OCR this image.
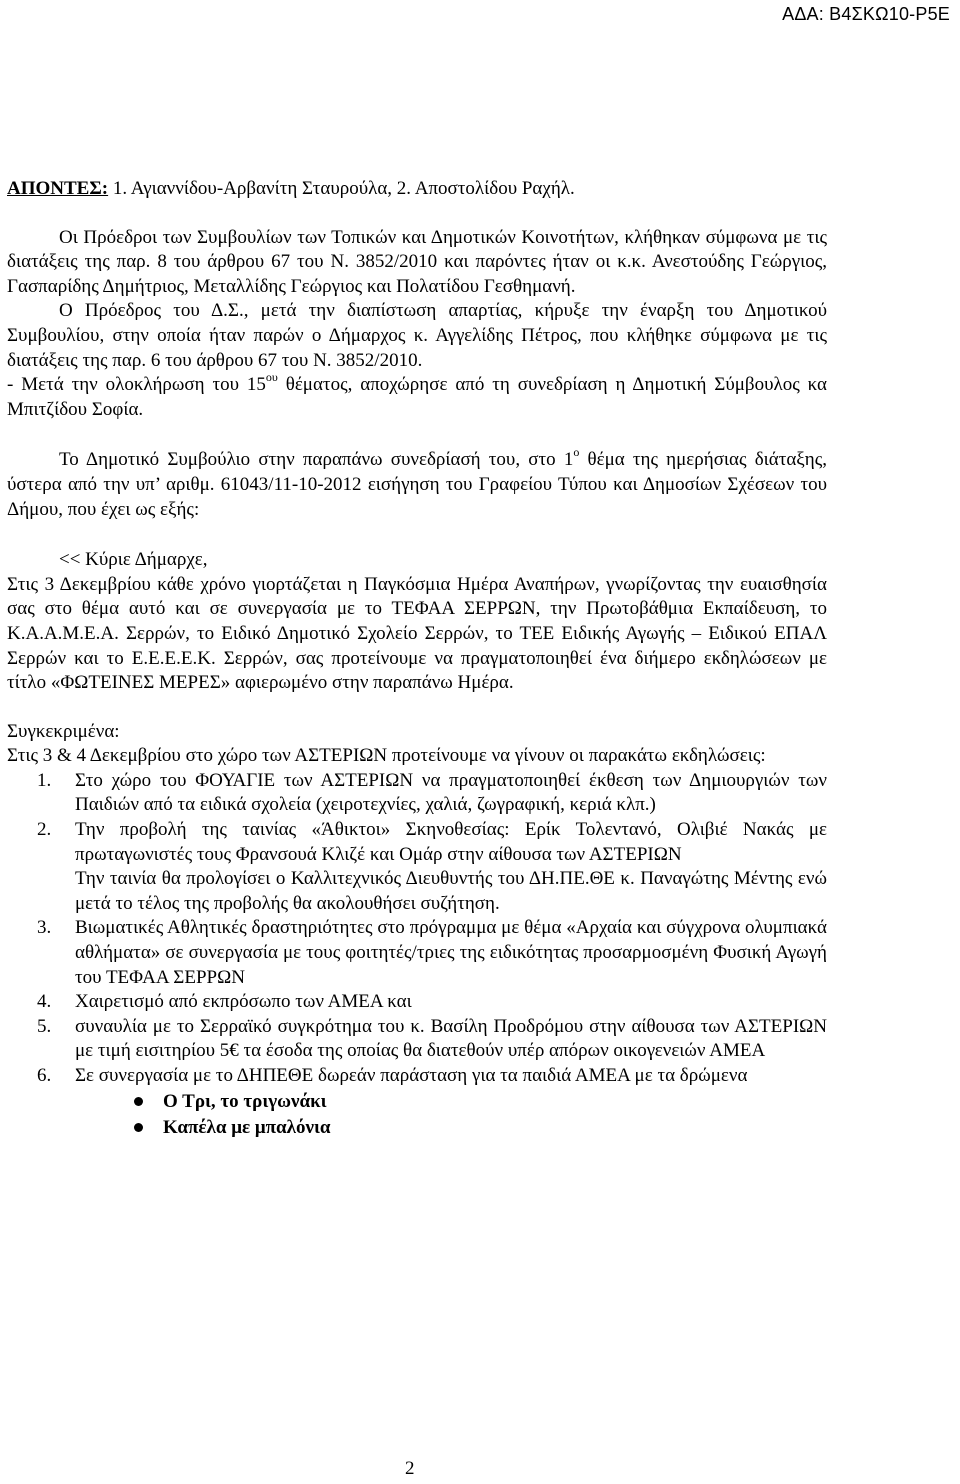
ΑΔΑ: Β4ΣΚΩ10-Ρ5Ε

ΑΠΟΝΤΕΣ: 1. Αγιαννίδου-Αρβανίτη Σταυρούλα, 2. Αποστολίδου Ραχήλ.

Οι Πρόεδροι των Συμβουλίων των Τοπικών και Δημοτικών Κοινοτήτων, κλήθηκαν σύμφωνα με τις διατάξεις της παρ. 8 του άρθρου 67 του Ν. 3852/2010 και παρόντες ήταν οι κ.κ. Ανεστούδης Γεώργιος, Γασπαρίδης Δημήτριος, Μεταλλίδης Γεώργιος και Πολατίδου Γεσθημανή.

Ο Πρόεδρος του Δ.Σ., μετά την διαπίστωση απαρτίας, κήρυξε την έναρξη του Δημοτικού Συμβουλίου, στην οποία ήταν παρών ο Δήμαρχος κ. Αγγελίδης Πέτρος, που κλήθηκε σύμφωνα με τις διατάξεις της παρ. 6 του άρθρου 67 του Ν. 3852/2010.

- Μετά την ολοκλήρωση του $15^{o\upsilon}$ θέματος, αποχώρησε από τη συνεδρίαση η Δημοτική Σύμβουλος κα Μπιτζίδου Σοφία.

Το Δημοτικό Συμβούλιο στην παραπάνω συνεδρίασή του, στο $1^o$ θέμα της ημερήσιας διάταξης, ύστερα από την υπ’ αριθμ. 61043/11-10-2012 εισήγηση του Γραφείου Τύπου και Δημοσίων Σχέσεων του Δήμου, που έχει ως εξής:

<< Κύριε Δήμαρχε,

Στις 3 Δεκεμβρίου κάθε χρόνο γιορτάζεται η Παγκόσμια Ημέρα Αναπήρων, γνωρίζοντας την ευαισθησία σας στο θέμα αυτό και σε συνεργασία με το ΤΕΦΑΑ ΣΕΡΡΩΝ, την Πρωτοβάθμια Εκπαίδευση, το Κ.Α.Α.Μ.Ε.Α. Σερρών, το Ειδικό Δημοτικό Σχολείο Σερρών, το ΤΕΕ Ειδικής Αγωγής – Ειδικού ΕΠΑΛ Σερρών και το Ε.Ε.Ε.Ε.Κ. Σερρών, σας προτείνουμε να πραγματοποιηθεί ένα διήμερο εκδηλώσεων με τίτλο «ΦΩΤΕΙΝΕΣ ΜΕΡΕΣ» αφιερωμένο στην παραπάνω Ημέρα.

Συγκεκριμένα:

Στις 3 & 4 Δεκεμβρίου στο χώρο των ΑΣΤΕΡΙΩΝ προτείνουμε να γίνουν οι παρακάτω εκδηλώσεις:

1. Στο χώρο του ΦΟΥΑΓΙΕ των ΑΣΤΕΡΙΩΝ να πραγματοποιηθεί έκθεση των Δημιουργιών των Παιδιών από τα ειδικά σχολεία (χειροτεχνίες, χαλιά, ζωγραφική, κεριά κλπ.)
2. Την προβολή της ταινίας «Άθικτοι» Σκηνοθεσίας: Ερίκ Τολεντανό, Ολιβιέ Νακάς με πρωταγωνιστές τους Φρανσουά Κλιζέ και Ομάρ στην αίθουσα των ΑΣΤΕΡΙΩΝ
Την ταινία θα προλογίσει ο Καλλιτεχνικός Διευθυντής του ΔΗ.ΠΕ.ΘΕ κ. Παναγώτης Μέντης ενώ μετά το τέλος της προβολής θα ακολουθήσει συζήτηση.
3. Βιωματικές Αθλητικές δραστηριότητες στο πρόγραμμα με θέμα «Αρχαία και σύγχρονα ολυμπιακά αθλήματα» σε συνεργασία με τους φοιτητές/τριες της ειδικότητας προσαρμοσμένη Φυσική Αγωγή του ΤΕΦΑΑ ΣΕΡΡΩΝ
4. Χαιρετισμό από εκπρόσωπο των ΑΜΕΑ και
5. συναυλία με το Σερραϊκό συγκρότημα του κ. Βασίλη Προδρόμου στην αίθουσα των ΑΣΤΕΡΙΩΝ με τιμή εισιτηρίου 5€ τα έσοδα της οποίας θα διατεθούν υπέρ απόρων οικογενειών ΑΜΕΑ
6. Σε συνεργασία με το ΔΗΠΕΘΕ δωρεάν παράσταση για τα παιδιά ΑΜΕΑ με τα δρώμενα
Ο Τρι, το τριγωνάκι
Καπέλα με μπαλόνια
2
